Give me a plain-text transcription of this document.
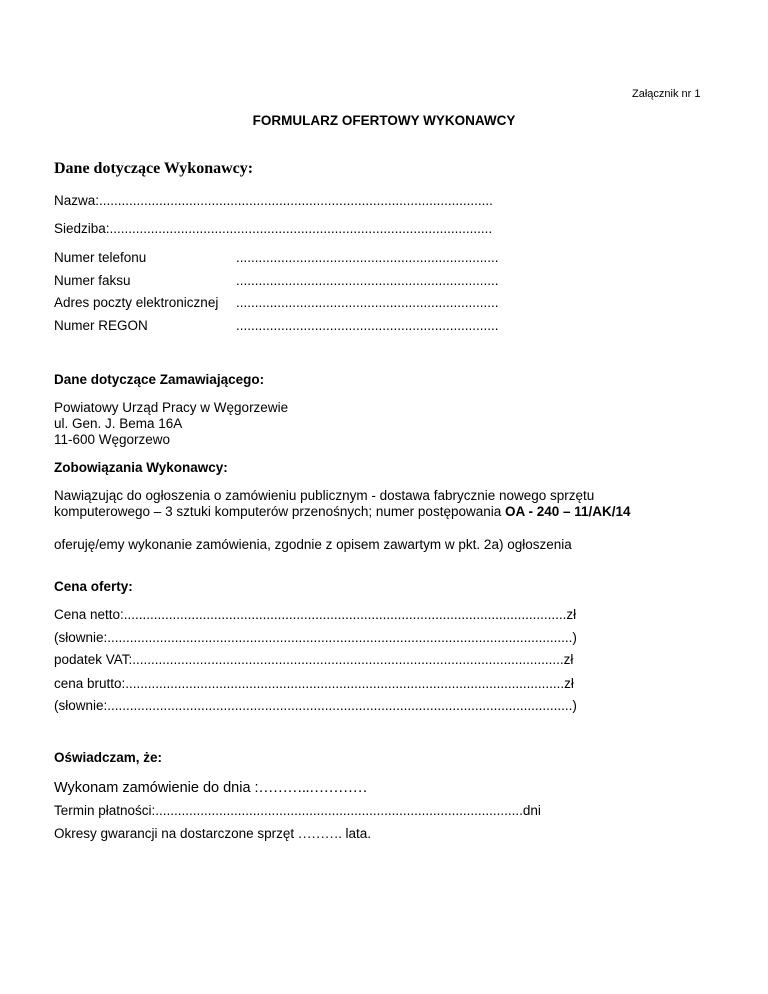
Załącznik nr 1
FORMULARZ OFERTOWY WYKONAWCY
Dane dotyczące Wykonawcy:
Nazwa:.........................................................................................................
Siedziba:......................................................................................................
Numer telefonu	......................................................................
Numer faksu	......................................................................
Adres poczty elektronicznej ......................................................................
Numer REGON	......................................................................
Dane dotyczące Zamawiającego:
Powiatowy Urząd Pracy w Węgorzewie
ul. Gen. J. Bema 16A
11-600 Węgorzewo
Zobowiązania Wykonawcy:
Nawiązując do ogłoszenia o zamówieniu publicznym - dostawa fabrycznie nowego sprzętu
komputerowego – 3 sztuki komputerów przenośnych; numer postępowania OA - 240 – 11/AK/14
oferuję/emy wykonanie zamówienia, zgodnie z opisem zawartym w pkt. 2a) ogłoszenia
Cena oferty:
Cena netto:......................................................................................................................zł
(słownie:............................................................................................................................)
podatek VAT:...................................................................................................................zł
cena brutto:.....................................................................................................................zł
(słownie:............................................................................................................................)
Oświadczam, że:
Wykonam zamówienie do dnia :………..…………
Termin płatności:..................................................................................................dni
Okresy gwarancji na dostarczone sprzęt ………. lata.
